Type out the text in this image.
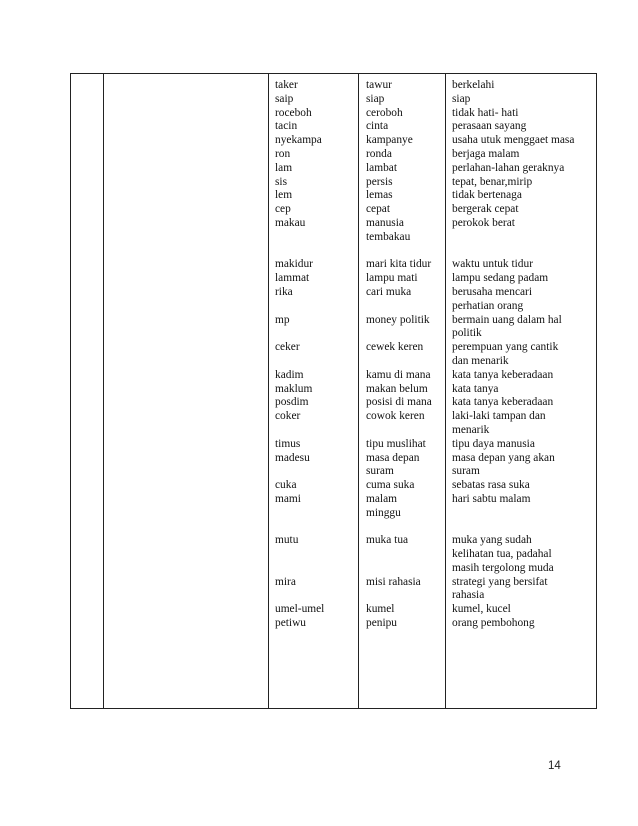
taker
saip
roceboh
tacin
nyekampa
ron
lam
sis
lem
cep
makau
makidur
lammat
rika
mp
ceker
kadim
maklum
posdim
coker
timus
madesu
cuka
mami
mutu
mira
umel-umel
petiwu
tawur
siap
ceroboh
cinta
kampanye
ronda
lambat
persis
lemas
cepat
manusia
tembakau
mari kita tidur
lampu mati
cari muka
money politik
cewek keren
kamu di mana
makan belum
posisi di mana
cowok keren
tipu muslihat
masa depan
suram
cuma suka
malam
minggu
muka tua
misi rahasia
kumel
penipu
berkelahi
siap
tidak hati- hati
perasaan sayang
usaha utuk menggaet masa
berjaga malam
perlahan-lahan geraknya
tepat, benar,mirip
tidak bertenaga
bergerak cepat
perokok berat
waktu untuk tidur
lampu sedang padam
berusaha mencari
perhatian orang
bermain uang dalam hal
politik
perempuan yang cantik
dan menarik
kata tanya keberadaan
kata tanya
kata tanya keberadaan
laki-laki tampan dan
menarik
tipu daya manusia
masa depan yang akan
suram
sebatas rasa suka
hari sabtu malam
muka yang sudah
kelihatan tua, padahal
masih tergolong muda
strategi yang bersifat
rahasia
kumel, kucel
orang pembohong
14
